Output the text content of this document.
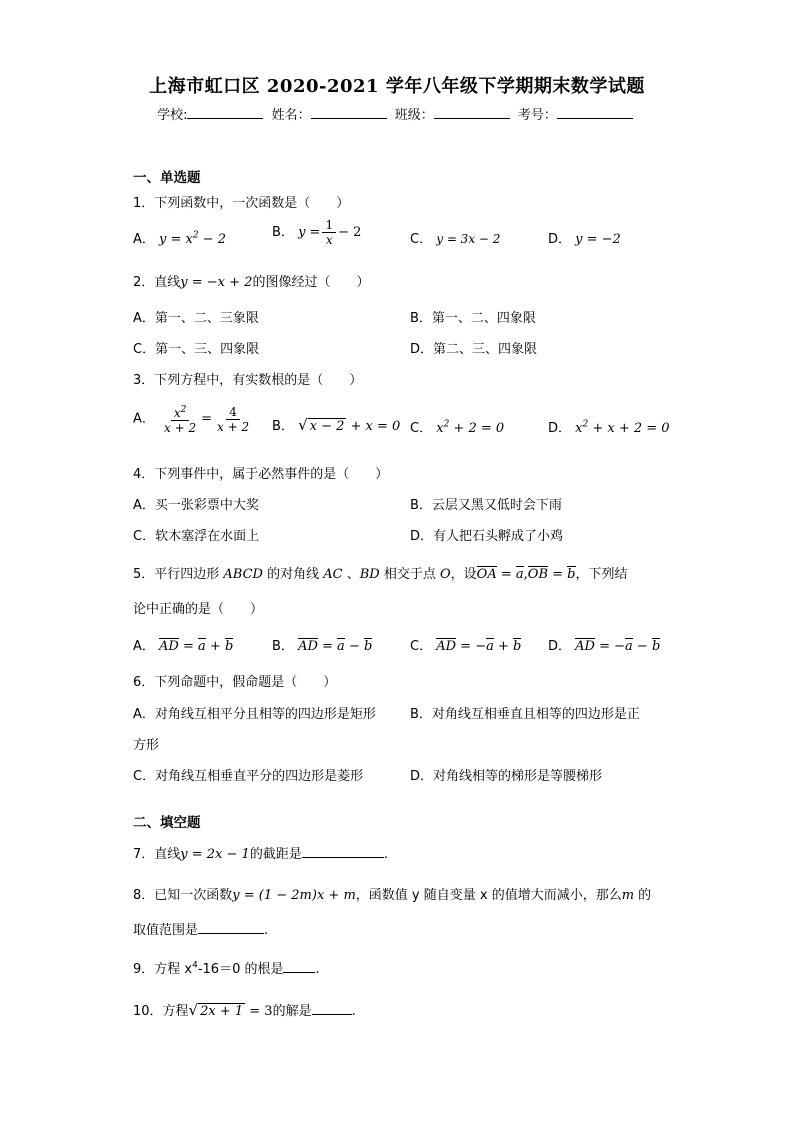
上海市虹口区 2020-2021 学年八年级下学期期末数学试题
学校:	姓名：	班级：	考号：
一、单选题
1．下列函数中，一次函数是（　　）
A． $y = x^2 - 2$	B． $y = \frac{1}{x} - 2$	C． y = 3x − 2	D． y = −2
2．直线y = −x + 2的图像经过（　　）
A．第一、二、三象限	B．第一、二、四象限
C．第一、三、四象限	D．第二、三、四象限
3．下列方程中，有实数根的是（　　）
A． $\frac{x^2}{x + 2} = \frac{4}{x + 2}$ B． √ x − 2 + x = 0 C． $x^2 + 2 = 0$	D． $x^2 + x + 2 = 0$
4．下列事件中，属于必然事件的是（　　）
A．买一张彩票中大奖	B．云层又黑又低时会下雨
C．软木塞浮在水面上	D．有人把石头孵成了小鸡
5．平行四边形 ABCD 的对角线 AC 、BD 相交于点 O，设OA = a,OB = b，下列结
论中正确的是（　　）
A． AD = a + b	B． AD = a − b	C． AD = −a + b D． AD = −a − b
6．下列命题中，假命题是（　　）
A．对角线互相平分且相等的四边形是矩形	B．对角线互相垂直且相等的四边形是正
方形
C．对角线互相垂直平分的四边形是菱形	D．对角线相等的梯形是等腰梯形
二、填空题
7．直线y = 2x − 1的截距是	.
8．已知一次函数y = (1 − 2m)x + m，函数值 y 随自变量 x 的值增大而减小，那么m 的
取值范围是	.
9．方程 $x^4-16=0$ 的根是 .
10．方程√ 2x + 1 = 3的解是	.
